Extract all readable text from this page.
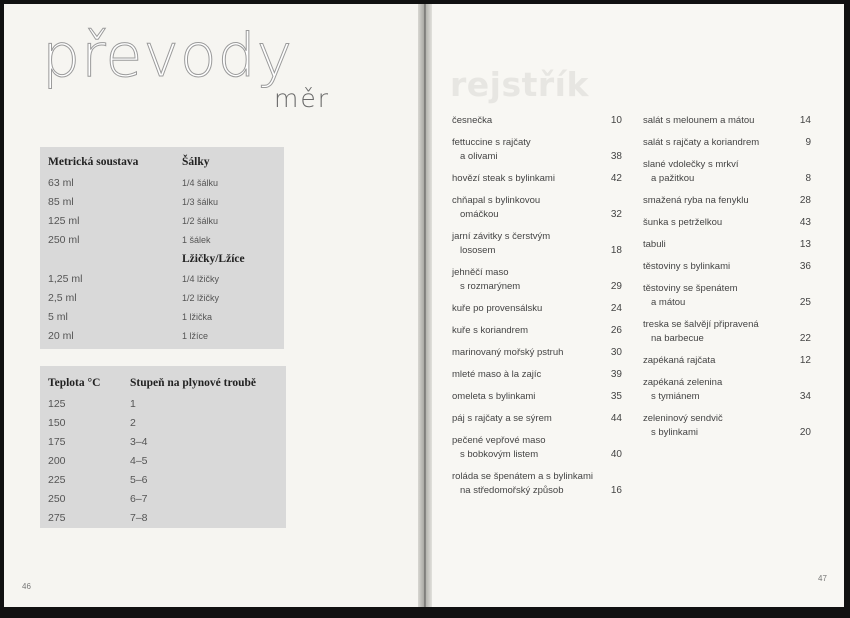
převody
měr
Metrická soustava	Šálky
63 ml	1/4 šálku
85 ml	1/3 šálku
125 ml	1/2 šálku
250 ml	1 šálek
	Lžičky/Lžíce
1,25 ml	1/4 lžičky
2,5 ml	1/2 lžičky
5 ml	1 lžička
20 ml	1 lžíce
Teplota °C	Stupeň na plynové troubě
125	1
150	2
175	3–4
200	4–5
225	5–6
250	6–7
275	7–8
46
rejstřík
česnečka	10
fettuccine s rajčaty
a olivami	38
hovězí steak s bylinkami	42
chňapal s bylinkovou
omáčkou	32
jarní závitky s čerstvým
lososem	18
jehněčí maso
s rozmarýnem	29
kuře po provensálsku	24
kuře s koriandrem	26
marinovaný mořský pstruh	30
mleté maso à la zajíc	39
omeleta s bylinkami	35
páj s rajčaty a se sýrem	44
pečené vepřové maso
s bobkovým listem	40
roláda se špenátem a s bylinkami
na středomořský způsob	16
salát s melounem a mátou	14
salát s rajčaty a koriandrem	9
slané vdolečky s mrkví
a pažitkou	8
smažená ryba na fenyklu	28
šunka s petrželkou	43
tabuli	13
těstoviny s bylinkami	36
těstoviny se špenátem
a mátou	25
treska se šalvějí připravená
na barbecue	22
zapékaná rajčata	12
zapékaná zelenina
s tymiánem	34
zeleninový sendvič
s bylinkami	20
47
